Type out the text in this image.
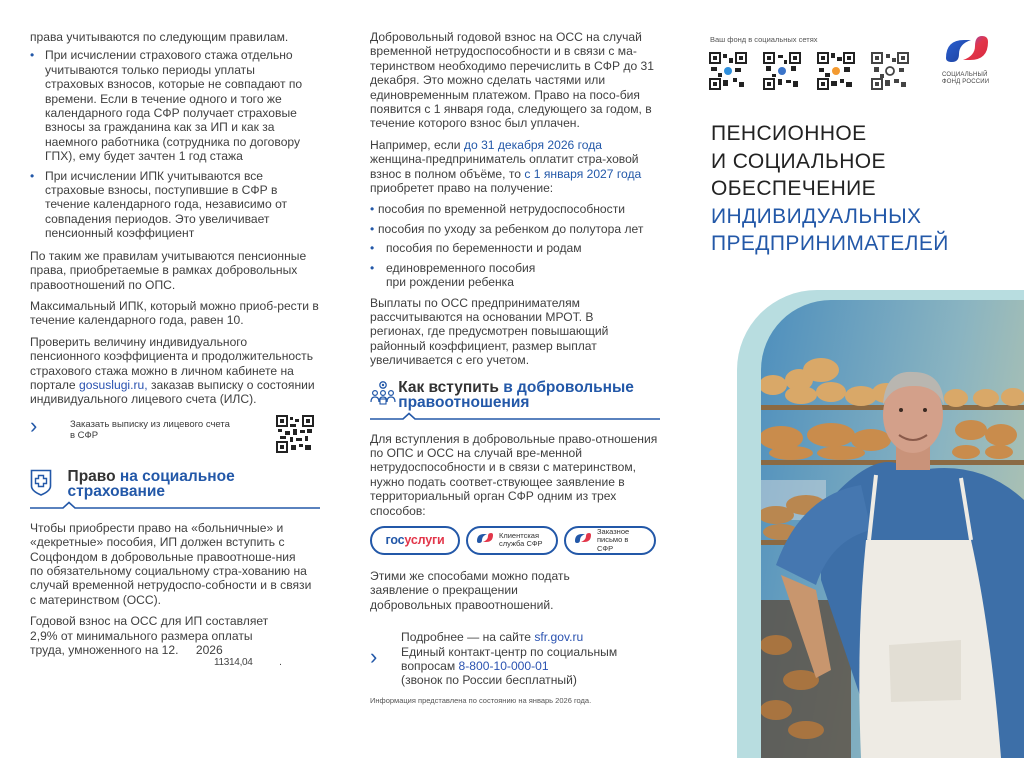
права учитываются по следующим правилам.

• При исчислении страхового стажа отдельно учитываются только периоды уплаты страховых взносов, которые не совпадают по времени. Если в течение одного и того же календарного года СФР получает страховые взносы за гражданина как за ИП и как за наемного работника (сотрудника по договору ГПХ), ему будет зачтен 1 год стажа
• При исчислении ИПК учитываются все страховые взносы, поступившие в СФР в течение календарного года, независимо от совпадения периодов. Это увеличивает пенсионный коэффициент

По таким же правилам учитываются пенсионные права, приобретаемые в рамках добровольных правоотношений по ОПС.

Максимальный ИПК, который можно приоб-рести в течение календарного года, равен 10.

Проверить величину индивидуального пенсионного коэффициента и продолжительность страхового стажа можно в личном кабинете на портале gosuslugi.ru, заказав выписку о состоянии индивидуального лицевого счета (ИЛС).

›	Заказать выписку из лицевого счета в СФР
Право на социальное страхование

Чтобы приобрести право на «больничные» и «декретные» пособия, ИП должен вступить с Соцфондом в добровольные правоотноше-ния по обязательному социальному стра-хованию на случай временной нетрудоспо-собности и в связи с материнством (ОСС).

Годовой взнос на ОСС для ИП составляет 2,9% от минимального размера оплаты труда, умноженного на 12. 2026

11314,04	.

Добровольный годовой взнос на ОСС на случай временной нетрудоспособности и в связи с ма-теринством необходимо перечислить в СФР до 31 декабря. Это можно сделать частями или единовременным платежом. Право на посо-бия появится с 1 января года, следующего за годом, в течение которого взнос был уплачен.

Например, если до 31 декабря 2026 года женщина-предприниматель оплатит стра-ховой взнос в полном объёме, то с 1 января 2027 года приобретет право на получение:

• пособия по временной нетрудоспособности
• пособия по уходу за ребенком до полутора лет
• пособия по беременности и родам
• единовременного пособия при рождении ребенка

Выплаты по ОСС предпринимателям рассчитываются на основании МРОТ. В регионах, где предусмотрен повышающий районный коэффициент, размер выплат увеличивается с его учетом.

Как вступить в добровольные правоотношения

Для вступления в добровольные право-отношения по ОПС и ОСС на случай вре-менной нетрудоспособности и в связи с материнством, нужно подать соответ-ствующее заявление в территориальный орган СФР одним из трех способов:

гос услуги	Клиентская служба СФР
Заказное письмо в СФР

Этими же способами можно подать заявление о прекращении добровольных правоотношений.

›

Подробнее — на сайте sfr.gov.ru

Единый контакт-центр по социальным вопросам 8-800-10-000-01

(звонок по России бесплатный)

Информация представлена по состоянию на январь 2026 года.

Ваш фонд в социальных сетях

СОЦИАЛЬНЫЙ

ФОНД РОССИИ

ПЕНСИОННОЕ
И СОЦИАЛЬНОЕ
ОБЕСПЕЧЕНИЕ
ИНДИВИДУАЛЬНЫХ
ПРЕДПРИНИМАТЕЛЕЙ
